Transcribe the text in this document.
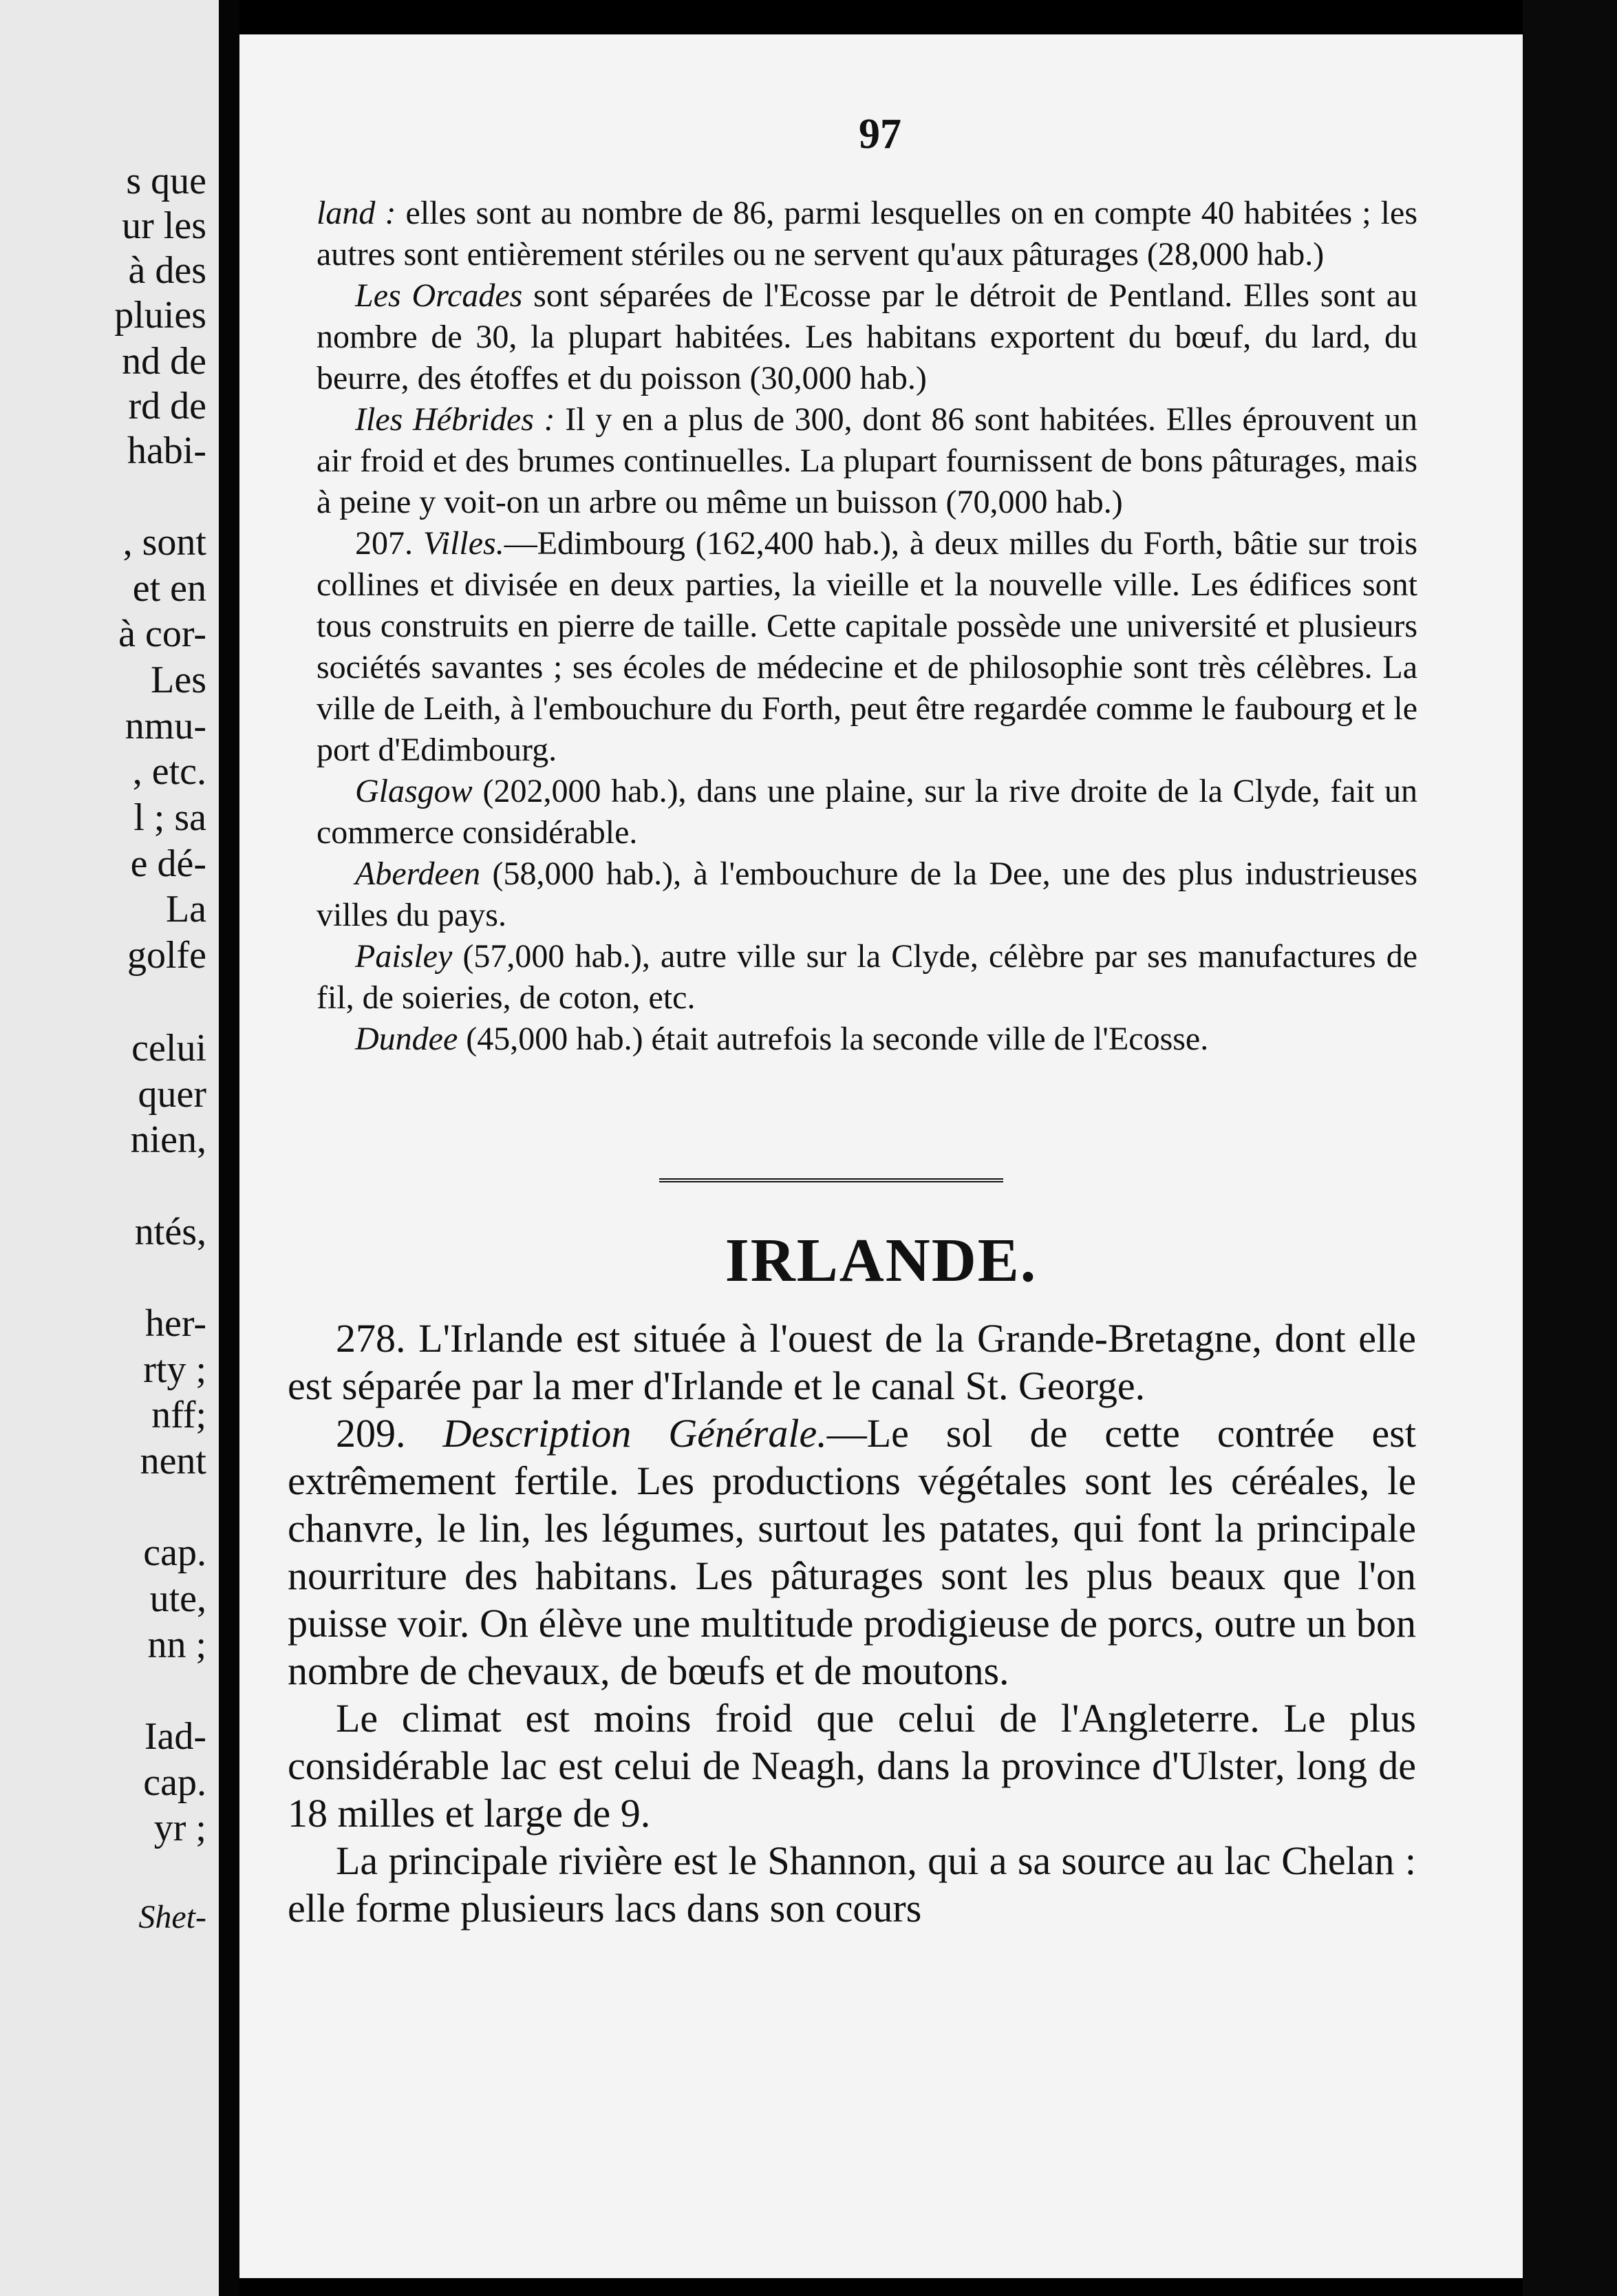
s que
ur les
à des
pluies
nd de
rd de
habi-
, sont
et en
à cor-
Les
nmu-
, etc.
l ; sa
e dé-
La
golfe
celui
quer
nien,
ntés,
her-
rty ;
nff;
nent
cap.
ute,
nn ;
Iad-
cap.
yr ;
Shet-
97

land : elles sont au nombre de 86, parmi lesquelles on en compte 40 habitées ; les autres sont entièrement stériles ou ne servent qu'aux pâturages (28,000 hab.)

Les Orcades sont séparées de l'Ecosse par le détroit de Pentland. Elles sont au nombre de 30, la plupart habitées. Les habitans exportent du bœuf, du lard, du beurre, des étoffes et du poisson (30,000 hab.)

Iles Hébrides : Il y en a plus de 300, dont 86 sont habitées. Elles éprouvent un air froid et des brumes continuelles. La plupart fournissent de bons pâturages, mais à peine y voit-on un arbre ou même un buisson (70,000 hab.)

207. Villes.—Edimbourg (162,400 hab.), à deux milles du Forth, bâtie sur trois collines et divisée en deux parties, la vieille et la nouvelle ville. Les édifices sont tous construits en pierre de taille. Cette capitale possède une université et plusieurs sociétés savantes ; ses écoles de médecine et de philosophie sont très célèbres. La ville de Leith, à l'embouchure du Forth, peut être regardée comme le faubourg et le port d'Edimbourg.

Glasgow (202,000 hab.), dans une plaine, sur la rive droite de la Clyde, fait un commerce considérable.

Aberdeen (58,000 hab.), à l'embouchure de la Dee, une des plus industrieuses villes du pays.

Paisley (57,000 hab.), autre ville sur la Clyde, célèbre par ses manufactures de fil, de soieries, de coton, etc.

Dundee (45,000 hab.) était autrefois la seconde ville de l'Ecosse.

IRLANDE.

278. L'Irlande est située à l'ouest de la Grande-Bretagne, dont elle est séparée par la mer d'Irlande et le canal St. George.

209. Description Générale.—Le sol de cette contrée est extrêmement fertile. Les productions végétales sont les céréales, le chanvre, le lin, les légumes, surtout les patates, qui font la principale nourriture des habitans. Les pâturages sont les plus beaux que l'on puisse voir. On élève une multitude prodigieuse de porcs, outre un bon nombre de chevaux, de bœufs et de moutons.

Le climat est moins froid que celui de l'Angleterre. Le plus considérable lac est celui de Neagh, dans la province d'Ulster, long de 18 milles et large de 9.

La principale rivière est le Shannon, qui a sa source au lac Chelan : elle forme plusieurs lacs dans son cours
